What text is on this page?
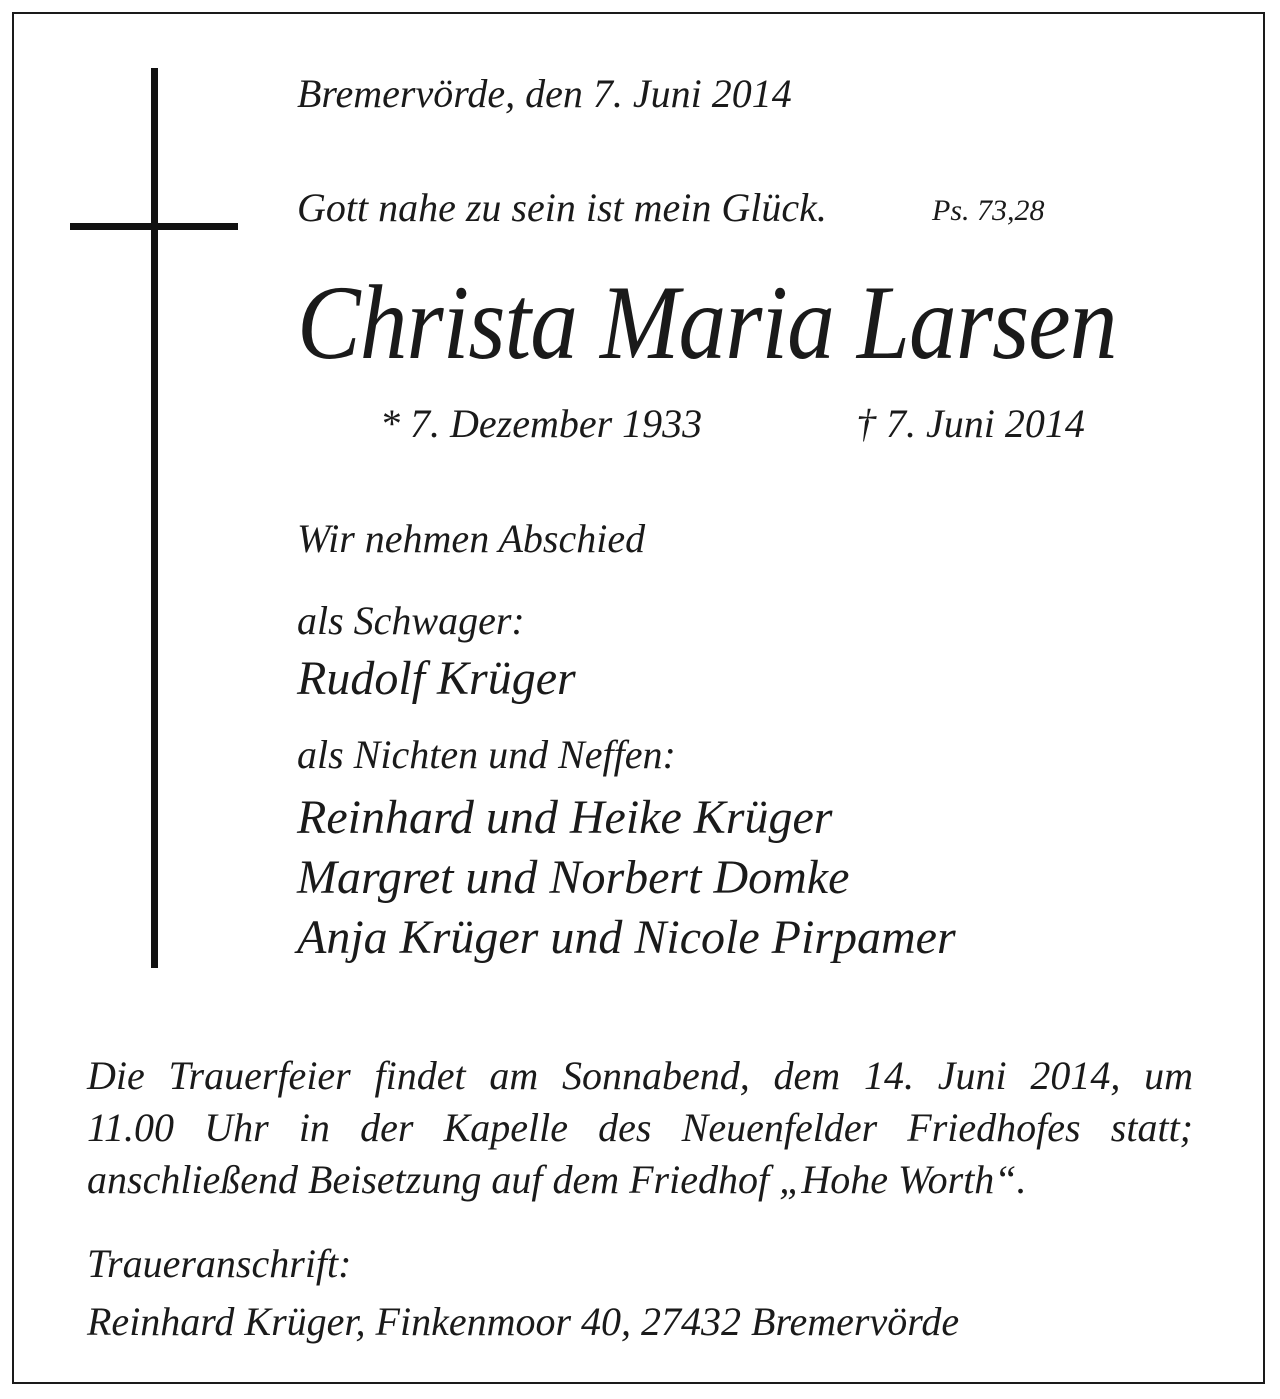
Bremervörde, den 7. Juni 2014
Gott nahe zu sein ist mein Glück.	Ps. 73,28
Christa Maria Larsen
* 7. Dezember 1933	† 7. Juni 2014
Wir nehmen Abschied
als Schwager:
Rudolf Krüger
als Nichten und Neffen:
Reinhard und Heike Krüger
Margret und Norbert Domke
Anja Krüger und Nicole Pirpamer
Die Trauerfeier findet am Sonnabend, dem 14. Juni 2014, um
11.00 Uhr in der Kapelle des Neuenfelder Friedhofes statt;
anschließend Beisetzung auf dem Friedhof „Hohe Worth“.
Traueranschrift:
Reinhard Krüger, Finkenmoor 40, 27432 Bremervörde
